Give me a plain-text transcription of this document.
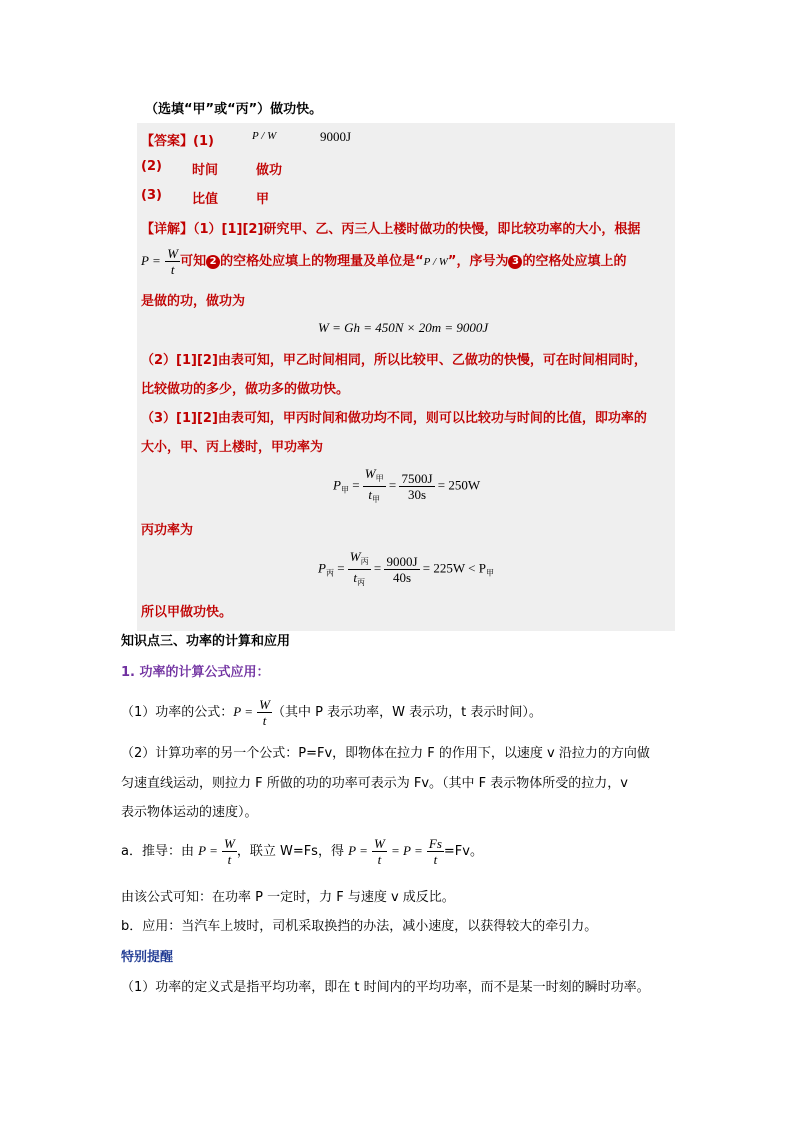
（选填“甲”或“丙”）做功快。
【答案】(1)	P / W	9000J
(2) 时间	做功
(3) 比值	甲
【详解】（1）[1][2]研究甲、乙、丙三人上楼时做功的快慢，即比较功率的大小，根据
$P = \frac{W}{t}$ 可知 2 的空格处应填上的物理量及单位是“P / W”，序号为 3 的空格处应填上的
是做的功，做功为
W = Gh = 450N × 20m = 9000J
（2）[1][2]由表可知，甲乙时间相同，所以比较甲、乙做功的快慢，可在时间相同时，
比较做功的多少，做功多的做功快。
（3）[1][2]由表可知，甲丙时间和做功均不同，则可以比较功与时间的比值，即功率的
大小，甲、丙上楼时，甲功率为
$P_甲 = \frac{W_甲}{t_甲} = \frac{7500J}{30s} = 250W$
丙功率为
$P_丙 = \frac{W_丙}{t_丙} = \frac{9000J}{40s} = 225W < P_甲$
所以甲做功快。
知识点三、功率的计算和应用
1. 功率的计算公式应用：
（1）功率的公式：$P = \frac{W}{t}$ （其中 P 表示功率，W 表示功，t 表示时间）。
（2）计算功率的另一个公式：P=Fv，即物体在拉力 F 的作用下，以速度 v 沿拉力的方向做
匀速直线运动，则拉力 F 所做的功的功率可表示为 Fv。（其中 F 表示物体所受的拉力，v
表示物体运动的速度）。
a．推导：由 $P = \frac{W}{t}$ ，联立 W=Fs，得 $P = \frac{W}{t} = P = \frac{Fs}{t} =Fv$。
由该公式可知：在功率 P 一定时，力 F 与速度 v 成反比。
b．应用：当汽车上坡时，司机采取换挡的办法，减小速度，以获得较大的牵引力。
特别提醒
（1）功率的定义式是指平均功率，即在 t 时间内的平均功率，而不是某一时刻的瞬时功率。
